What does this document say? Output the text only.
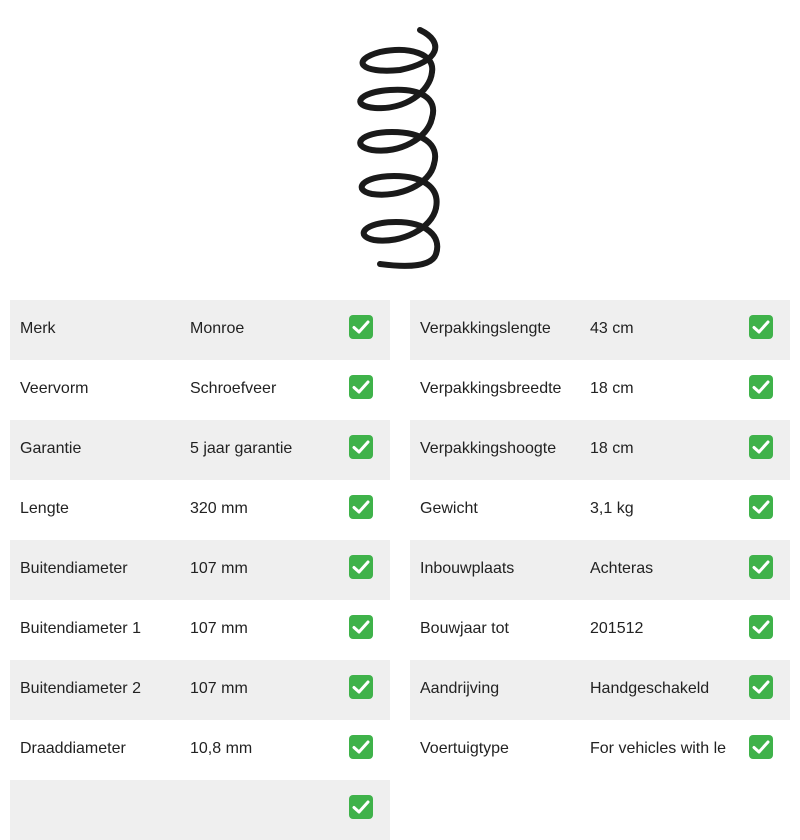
Merk	Monroe
Veervorm	Schroefveer
Garantie	5 jaar garantie
Lengte	320 mm
Buitendiameter	107 mm
Buitendiameter 1	107 mm
Buitendiameter 2	107 mm
Draaddiameter	10,8 mm
Verpakkingslengte 43 cm
Verpakkingsbreedte 18 cm
Verpakkingshoogte 18 cm
Gewicht	3,1 kg
Inbouwplaats	Achteras
Bouwjaar tot	201512
Aandrijving	Handgeschakeld
Voertuigtype	For vehicles with le
